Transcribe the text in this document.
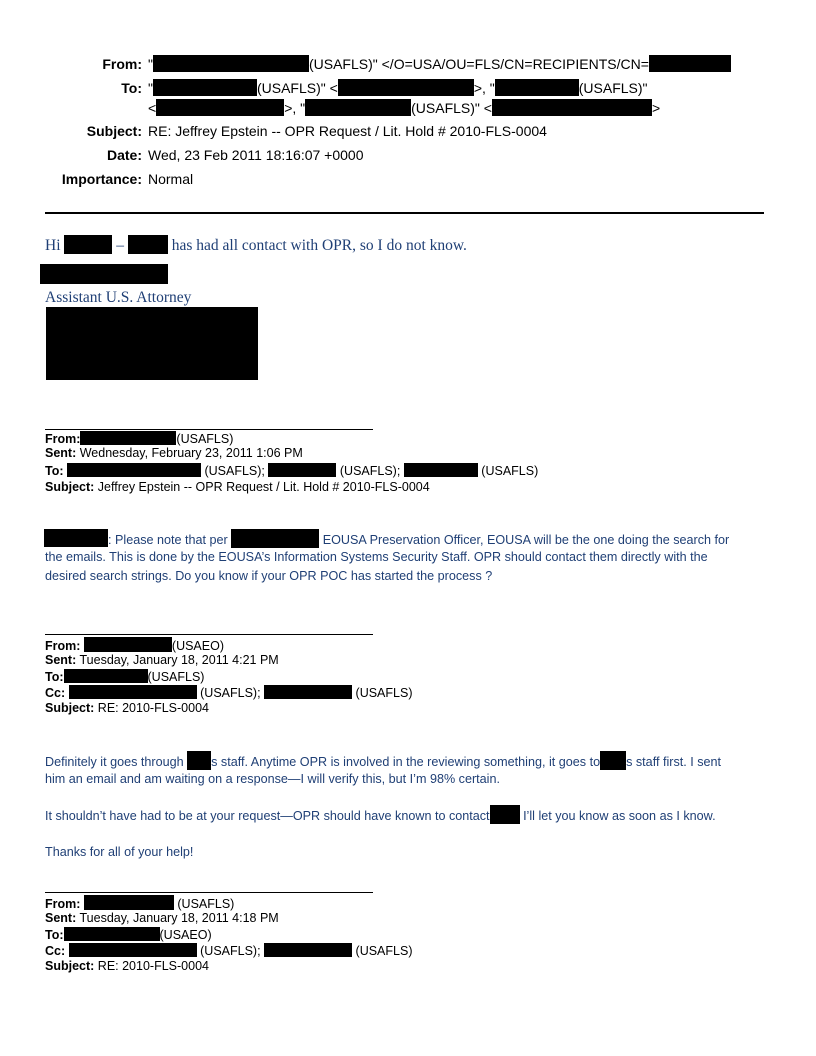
From: "	(USAFLS)" </O=USA/OU=FLS/CN=RECIPIENTS/CN=
To: "	(USAFLS)" <	>, "	(USAFLS)"
<	>, "	(USAFLS)" <	>
Subject: RE: Jeffrey Epstein -- OPR Request / Lit. Hold # 2010-FLS-0004
Date: Wed, 23 Feb 2011 18:16:07 +0000
Importance: Normal
Hi	–	has had all contact with OPR, so I do not know.
Assistant U.S. Attorney
From:	(USAFLS)
Sent: Wednesday, February 23, 2011 1:06 PM
To:	(USAFLS);	(USAFLS);	(USAFLS)
Subject: Jeffrey Epstein -- OPR Request / Lit. Hold # 2010-FLS-0004
: Please note that per	EOUSA Preservation Officer, EOUSA will be the one doing the search for
the emails. This is done by the EOUSA’s Information Systems Security Staff. OPR should contact them directly with the
desired search strings. Do you know if your OPR POC has started the process ?
From:	(USAEO)
Sent: Tuesday, January 18, 2011 4:21 PM
To:	(USAFLS)
Cc:	(USAFLS);	(USAFLS)
Subject: RE: 2010-FLS-0004
Definitely it goes through s staff. Anytime OPR is involved in the reviewing something, it goes to s staff first. I sent
him an email and am waiting on a response—I will verify this, but I’m 98% certain.
It shouldn’t have had to be at your request—OPR should have known to contact	I’ll let you know as soon as I know.
Thanks for all of your help!
From:	(USAFLS)
Sent: Tuesday, January 18, 2011 4:18 PM
To:	(USAEO)
Cc:	(USAFLS);	(USAFLS)
Subject: RE: 2010-FLS-0004
